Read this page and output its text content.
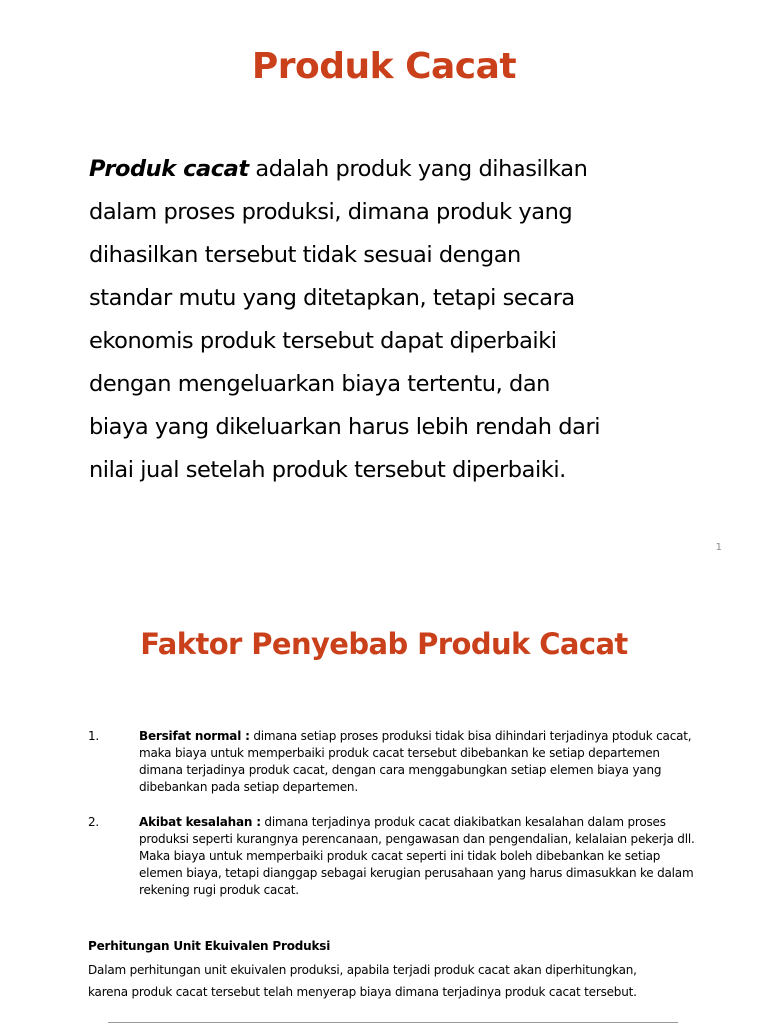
Produk Cacat
Produk cacat adalah produk yang dihasilkan
dalam proses produksi, dimana produk yang
dihasilkan tersebut tidak sesuai dengan
standar mutu yang ditetapkan, tetapi secara
ekonomis produk tersebut dapat diperbaiki
dengan mengeluarkan biaya tertentu, dan
biaya yang dikeluarkan harus lebih rendah dari
nilai jual setelah produk tersebut diperbaiki.
1
Faktor Penyebab Produk Cacat
1.	Bersifat normal : dimana setiap proses produksi tidak bisa dihindari terjadinya ptoduk cacat,
maka biaya untuk memperbaiki produk cacat tersebut dibebankan ke setiap departemen
dimana terjadinya produk cacat, dengan cara menggabungkan setiap elemen biaya yang
dibebankan pada setiap departemen.
2.	Akibat kesalahan : dimana terjadinya produk cacat diakibatkan kesalahan dalam proses
produksi seperti kurangnya perencanaan, pengawasan dan pengendalian, kelalaian pekerja dll.
Maka biaya untuk memperbaiki produk cacat seperti ini tidak boleh dibebankan ke setiap
elemen biaya, tetapi dianggap sebagai kerugian perusahaan yang harus dimasukkan ke dalam
rekening rugi produk cacat.
Perhitungan Unit Ekuivalen Produksi
Dalam perhitungan unit ekuivalen produksi, apabila terjadi produk cacat akan diperhitungkan,
karena produk cacat tersebut telah menyerap biaya dimana terjadinya produk cacat tersebut.
